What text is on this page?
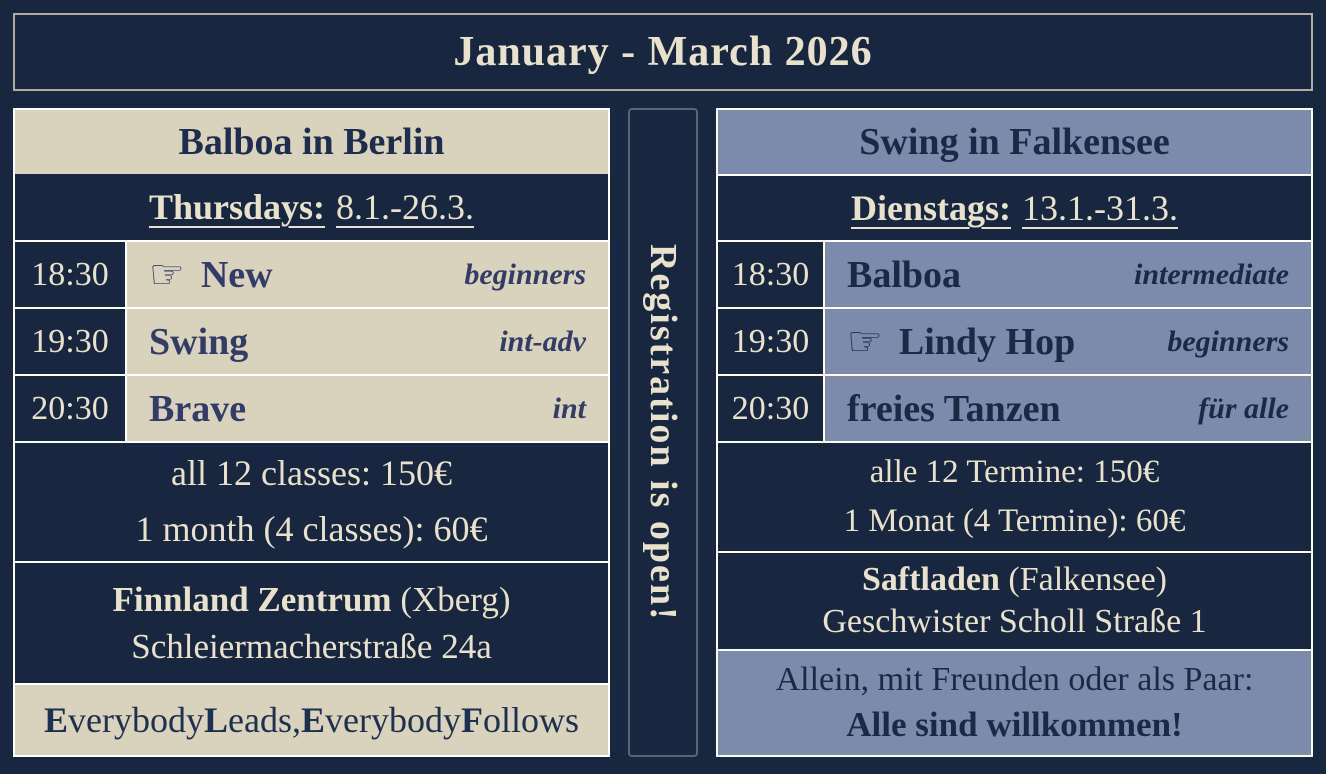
January - March 2026
Balboa in Berlin
Thursdays: 8.1.-26.3.
18:30	☞ New	beginners
19:30	Swing	int-adv
20:30	Brave	int
all 12 classes: 150€
1 month (4 classes): 60€
Finnland Zentrum (Xberg)
Schleiermacherstraße 24a
E verybody L eads, E verybody F ollows
Registration is open!
Swing in Falkensee
Dienstags: 13.1.-31.3.
18:30 Balboa	intermediate
19:30 ☞ Lindy Hop	beginners
20:30 freies Tanzen	für alle
alle 12 Termine: 150€
1 Monat (4 Termine): 60€
Saftladen (Falkensee)
Geschwister Scholl Straße 1
Allein, mit Freunden oder als Paar:
Alle sind willkommen!
